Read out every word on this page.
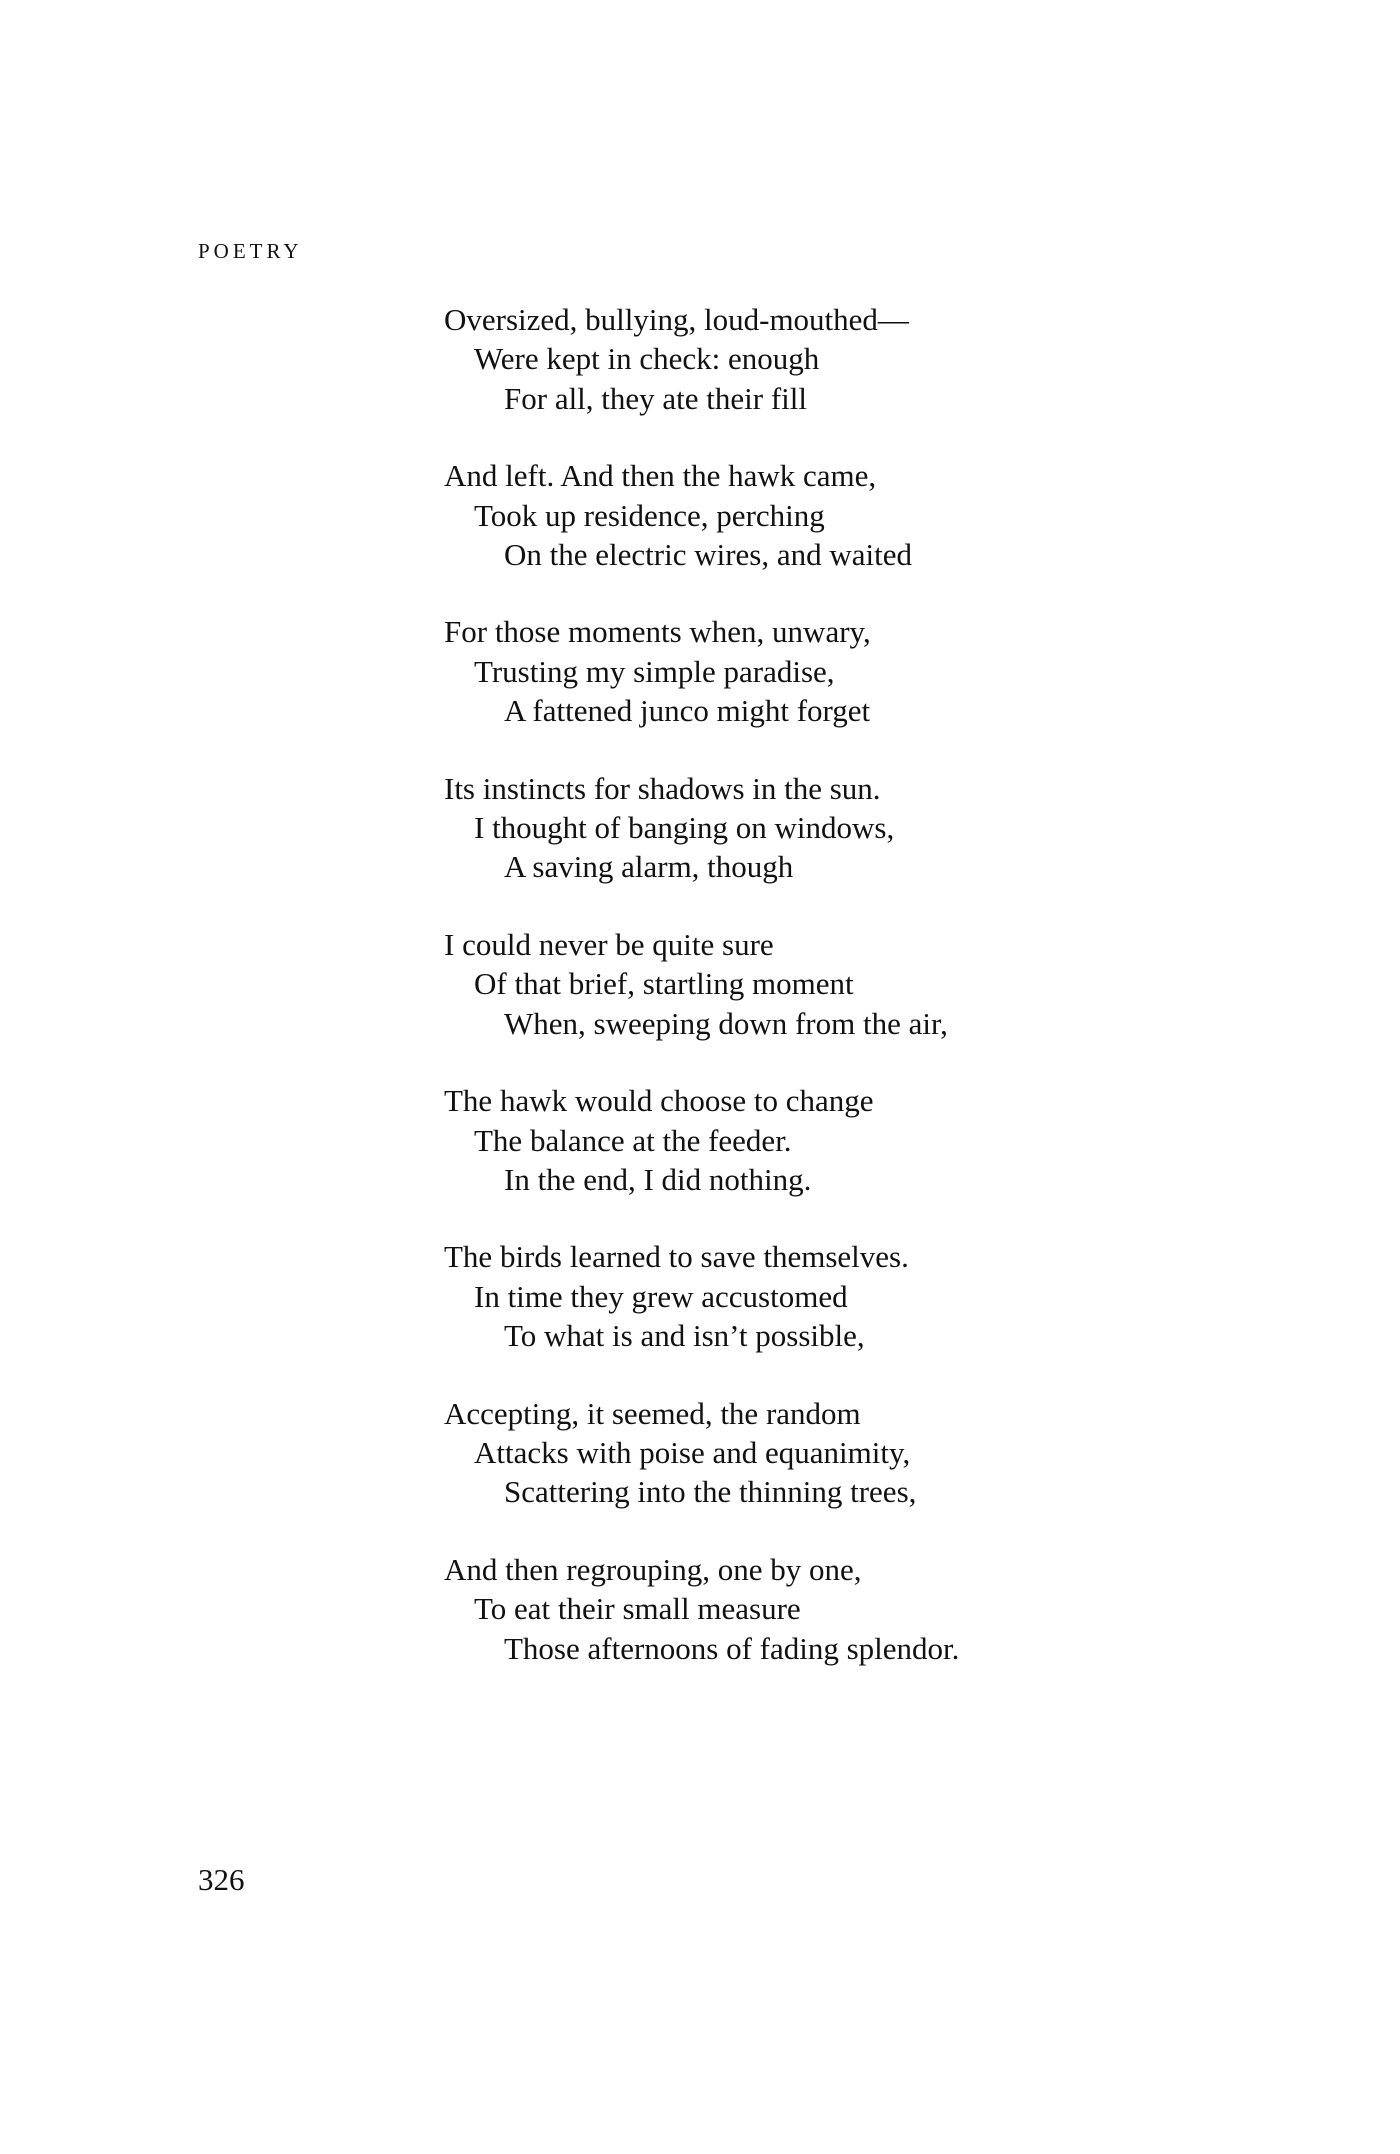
POETRY
Oversized, bullying, loud-mouthed—
Were kept in check: enough
For all, they ate their fill
And left. And then the hawk came,
Took up residence, perching
On the electric wires, and waited
For those moments when, unwary,
Trusting my simple paradise,
A fattened junco might forget
Its instincts for shadows in the sun.
I thought of banging on windows,
A saving alarm, though
I could never be quite sure
Of that brief, startling moment
When, sweeping down from the air,
The hawk would choose to change
The balance at the feeder.
In the end, I did nothing.
The birds learned to save themselves.
In time they grew accustomed
To what is and isn’t possible,
Accepting, it seemed, the random
Attacks with poise and equanimity,
Scattering into the thinning trees,
And then regrouping, one by one,
To eat their small measure
Those afternoons of fading splendor.
326
